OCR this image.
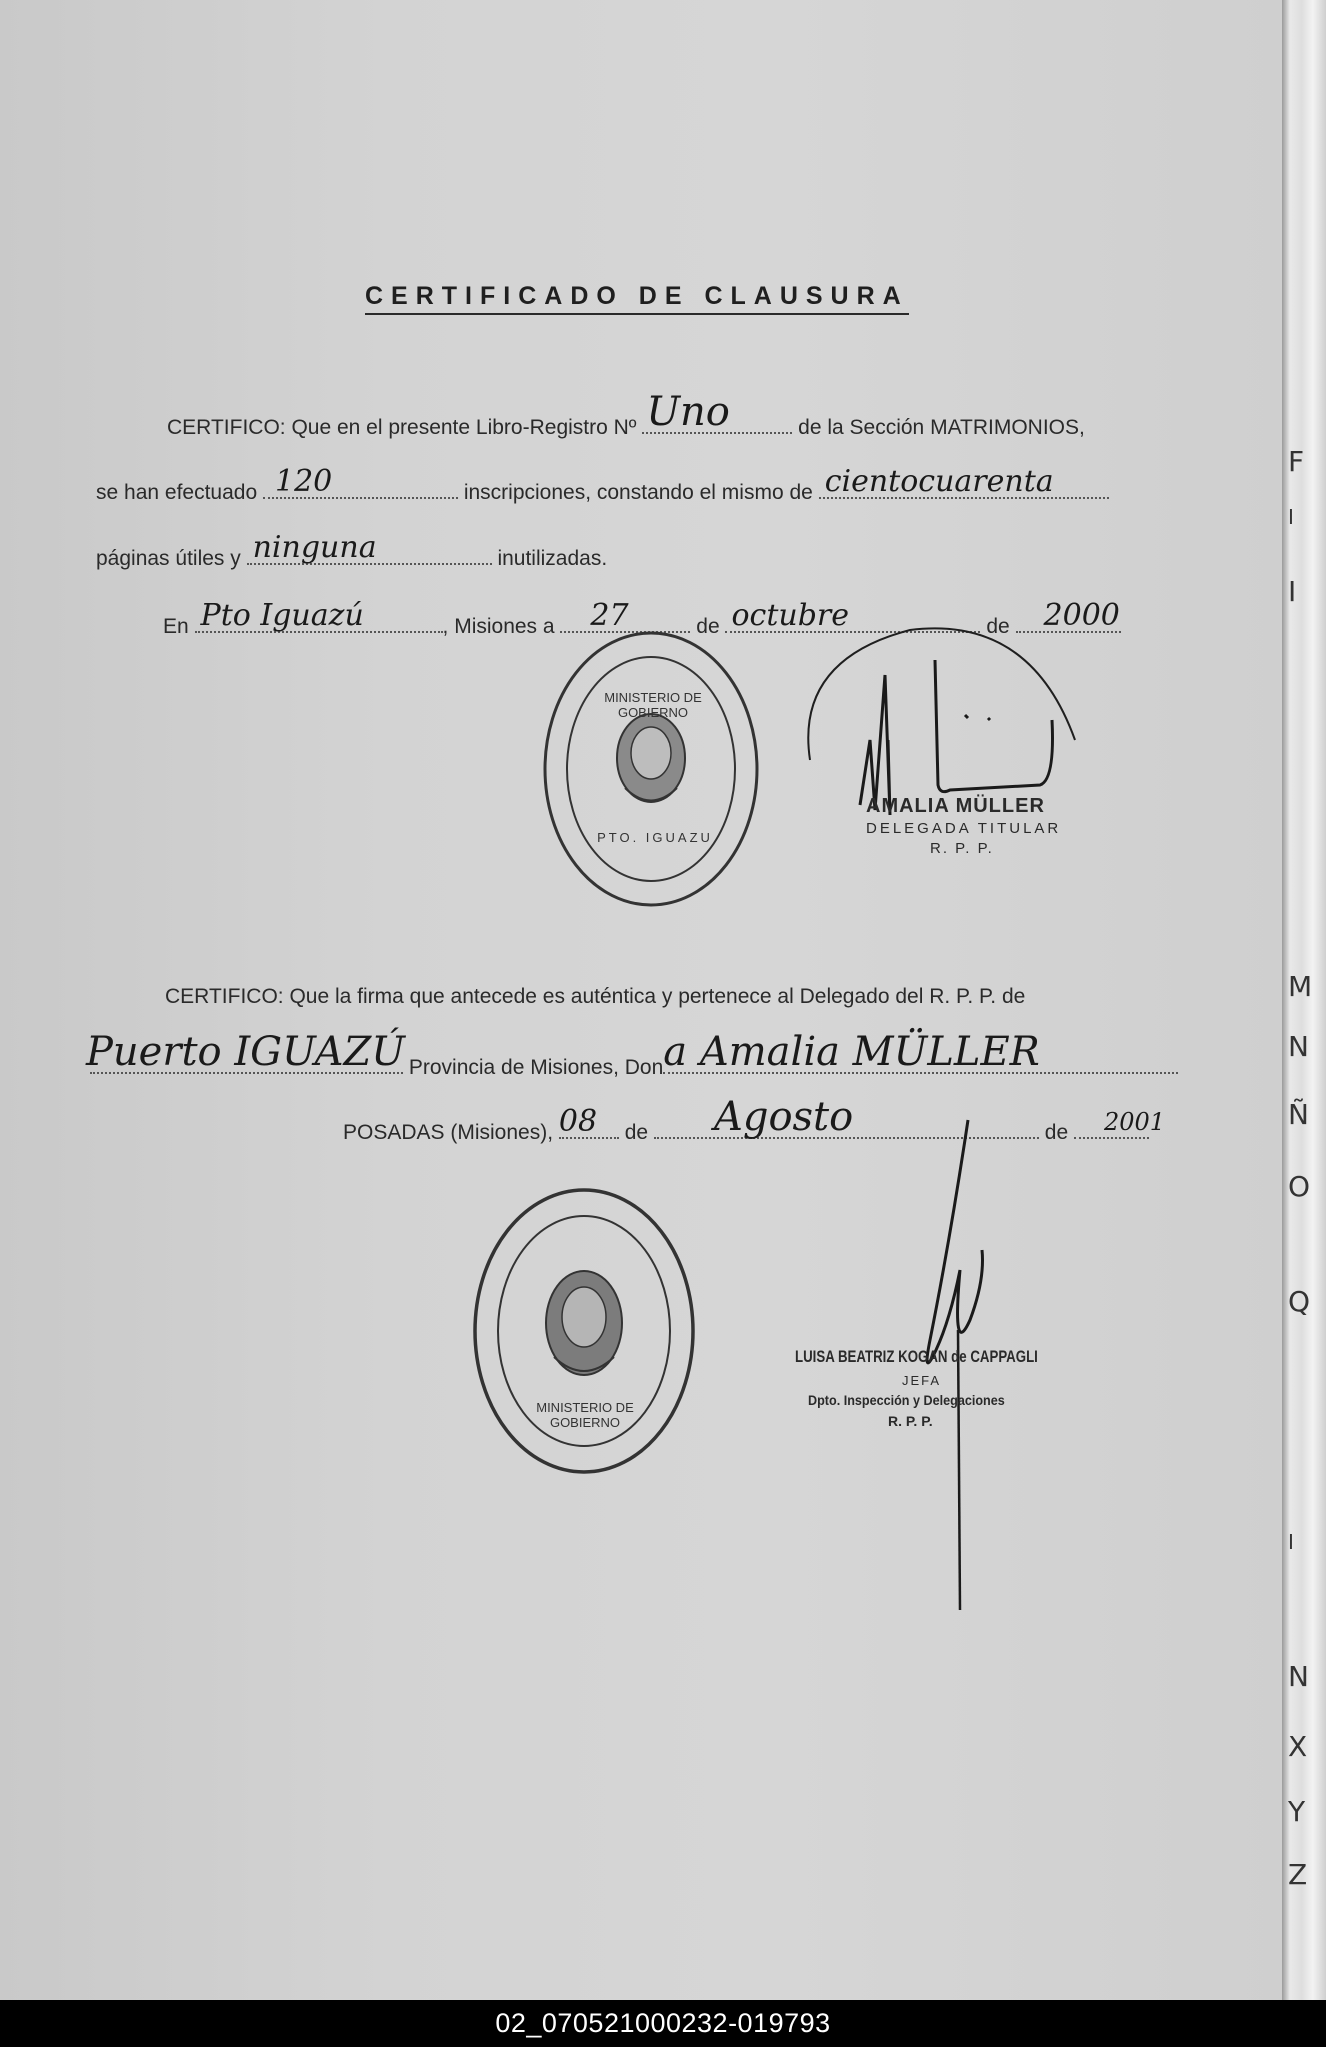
F
I
I
M
N
Ñ
O
Q
I
N
X
Y
Z
CERTIFICADO DE CLAUSURA
CERTIFICO: Que en el presente Libro-Registro Nº Uno	de la Sección MATRIMONIOS,
se han efectuado 120	inscripciones, constando el mismo de cientocuarenta
páginas útiles y ninguna	inutilizadas.
En Pto Iguazú	, Misiones a 27	de octubre	de 2000
MINISTERIO DE GOBIERNO
PTO. IGUAZU
AMALIA MÜLLER
DELEGADA TITULAR
R. P. P.
CERTIFICO: Que la firma que antecede es auténtica y pertenece al Delegado del R. P. P. de
Puerto IGUAZÚ Provincia de Misiones, Don a Amalia MÜLLER
POSADAS (Misiones), 08 de Agosto	de 2001
MINISTERIO DE GOBIERNO
LUISA BEATRIZ KOGAN de CAPPAGLI
JEFA
Dpto. Inspección y Delegaciones
R. P. P.
02_070521000232-019793
